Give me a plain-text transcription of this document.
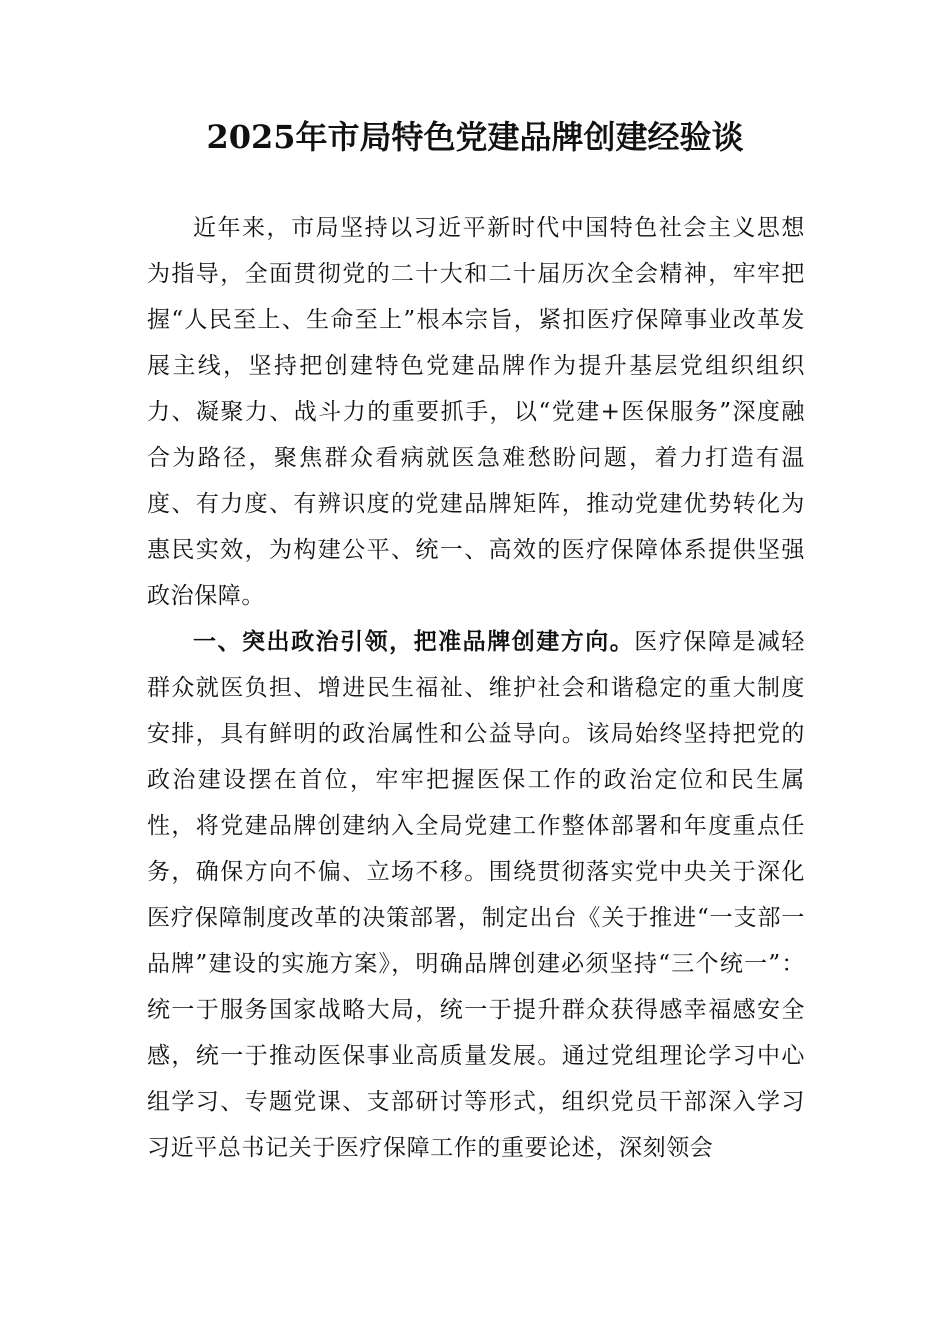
2025年市局特色党建品牌创建经验谈

近年来，市局坚持以习近平新时代中国特色社会主义思想为指导，全面贯彻党的二十大和二十届历次全会精神，牢牢把握“人民至上、生命至上”根本宗旨，紧扣医疗保障事业改革发展主线，坚持把创建特色党建品牌作为提升基层党组织组织力、凝聚力、战斗力的重要抓手，以“党建+医保服务”深度融合为路径，聚焦群众看病就医急难愁盼问题，着力打造有温度、有力度、有辨识度的党建品牌矩阵，推动党建优势转化为惠民实效，为构建公平、统一、高效的医疗保障体系提供坚强政治保障。

一、突出政治引领，把准品牌创建方向。医疗保障是减轻群众就医负担、增进民生福祉、维护社会和谐稳定的重大制度安排，具有鲜明的政治属性和公益导向。该局始终坚持把党的政治建设摆在首位，牢牢把握医保工作的政治定位和民生属性，将党建品牌创建纳入全局党建工作整体部署和年度重点任务，确保方向不偏、立场不移。围绕贯彻落实党中央关于深化医疗保障制度改革的决策部署，制定出台《关于推进“一支部一品牌”建设的实施方案》，明确品牌创建必须坚持“三个统一”：统一于服务国家战略大局，统一于提升群众获得感幸福感安全感，统一于推动医保事业高质量发展。通过党组理论学习中心组学习、专题党课、支部研讨等形式，组织党员干部深入学习习近平总书记关于医疗保障工作的重要论述，深刻领会
